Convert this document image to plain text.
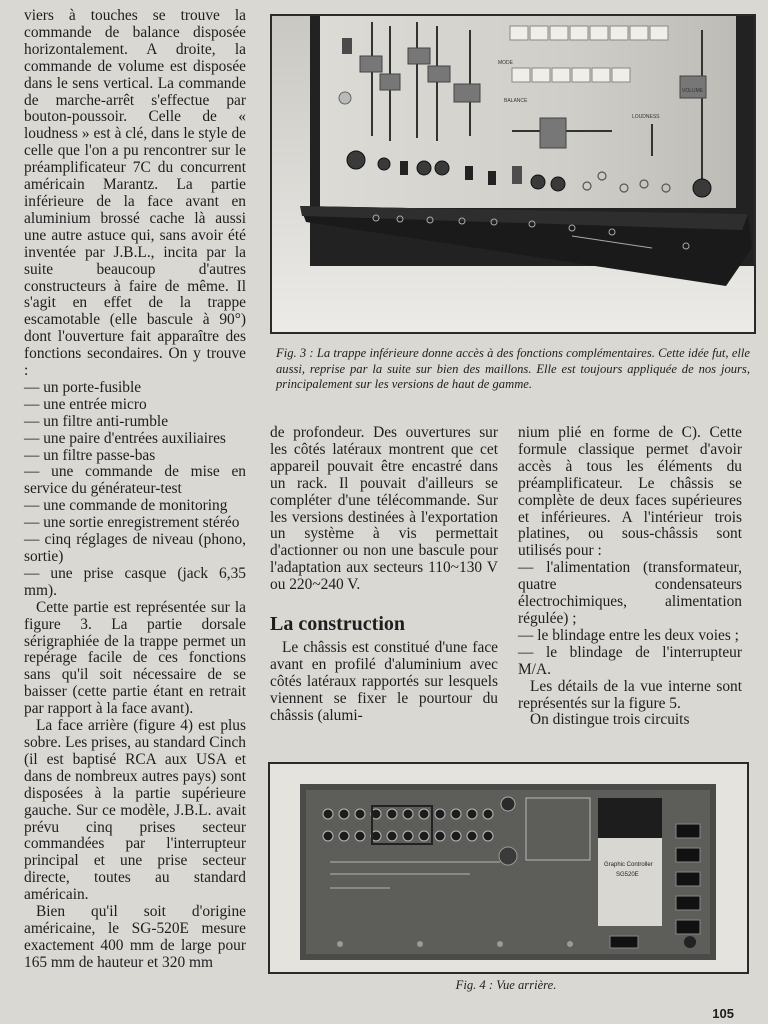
viers à touches se trouve la commande de balance disposée horizontalement. A droite, la commande de volume est disposée dans le sens vertical. La commande de marche-arrêt s'effectue par bouton-poussoir. Celle de « loudness » est à clé, dans le style de celle que l'on a pu rencontrer sur le préamplificateur 7C du concurrent américain Marantz. La partie inférieure de la face avant en aluminium brossé cache là aussi une autre astuce qui, sans avoir été inventée par J.B.L., incita par la suite beaucoup d'autres constructeurs à faire de même. Il s'agit en effet de la trappe escamotable (elle bascule à 90°) dont l'ouverture fait apparaître des fonctions secondaires. On y trouve :

— un porte-fusible

— une entrée micro

— un filtre anti-rumble

— une paire d'entrées auxiliaires

— un filtre passe-bas

— une commande de mise en service du générateur-test

— une commande de monitoring

— une sortie enregistrement stéréo

— cinq réglages de niveau (phono, sortie)

— une prise casque (jack 6,35 mm).

Cette partie est représentée sur la figure 3. La partie dorsale sérigraphiée de la trappe permet un repérage facile de ces fonctions sans qu'il soit nécessaire de se baisser (cette partie étant en retrait par rapport à la face avant).

La face arrière (figure 4) est plus sobre. Les prises, au standard Cinch (il est baptisé RCA aux USA et dans de nombreux autres pays) sont disposées à la partie supérieure gauche. Sur ce modèle, J.B.L. avait prévu cinq prises secteur commandées par l'interrupteur principal et une prise secteur directe, toutes au standard américain.

Bien qu'il soit d'origine américaine, le SG-520E mesure exactement 400 mm de large pour 165 mm de hauteur et 320 mm

MODE
BALANCE
LOUDNESS
VOLUME
Fig. 3 : La trappe inférieure donne accès à des fonctions complémentaires. Cette idée fut, elle aussi, reprise par la suite sur bien des maillons. Elle est toujours appliquée de nos jours, principalement sur les versions de haut de gamme.

de profondeur. Des ouvertures sur les côtés latéraux montrent que cet appareil pouvait être encastré dans un rack. Il pouvait d'ailleurs se compléter d'une télécommande. Sur les versions destinées à l'exportation un système à vis permettait d'actionner ou non une bascule pour l'adaptation aux secteurs 110~130 V ou 220~240 V.

La construction

Le châssis est constitué d'une face avant en profilé d'aluminium avec côtés latéraux rapportés sur lesquels viennent se fixer le pourtour du châssis (alumi-

nium plié en forme de C). Cette formule classique permet d'avoir accès à tous les éléments du préamplificateur. Le châssis se complète de deux faces supérieures et inférieures. A l'intérieur trois platines, ou sous-châssis sont utilisés pour :

— l'alimentation (transformateur, quatre condensateurs électrochimiques, alimentation régulée) ;

— le blindage entre les deux voies ;

— le blindage de l'interrupteur M/A.

Les détails de la vue interne sont représentés sur la figure 5.

On distingue trois circuits

Graphic Controller
SG520E
Fig. 4 : Vue arrière.
105
